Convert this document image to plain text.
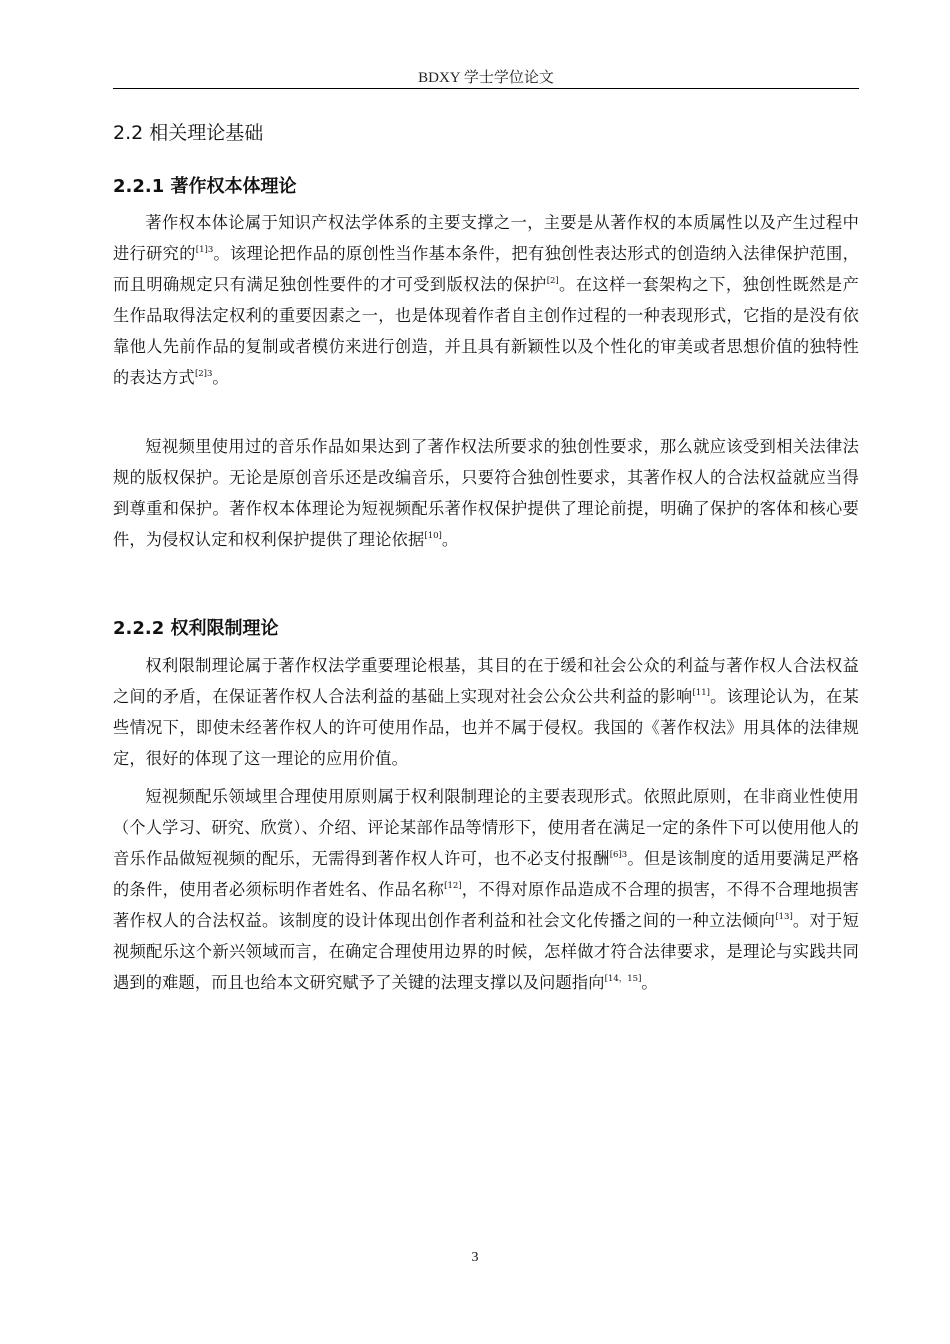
BDXY 学士学位论文
2.2 相关理论基础
2.2.1 著作权本体理论

著作权本体论属于知识产权法学体系的主要支撑之一，主要是从著作权的本质属性以及产生过程中进行研究的$^{[1]3}$。该理论把作品的原创性当作基本条件，把有独创性表达形式的创造纳入法律保护范围，而且明确规定只有满足独创性要件的才可受到版权法的保护[2]。在这样一套架构之下，独创性既然是产生作品取得法定权利的重要因素之一，也是体现着作者自主创作过程的一种表现形式，它指的是没有依靠他人先前作品的复制或者模仿来进行创造，并且具有新颖性以及个性化的审美或者思想价值的独特性的表达方式$^{[2]3}$。

短视频里使用过的音乐作品如果达到了著作权法所要求的独创性要求，那么就应该受到相关法律法规的版权保护。无论是原创音乐还是改编音乐，只要符合独创性要求，其著作权人的合法权益就应当得到尊重和保护。著作权本体理论为短视频配乐著作权保护提供了理论前提，明确了保护的客体和核心要件，为侵权认定和权利保护提供了理论依据[10]。

2.2.2 权利限制理论

权利限制理论属于著作权法学重要理论根基，其目的在于缓和社会公众的利益与著作权人合法权益之间的矛盾，在保证著作权人合法利益的基础上实现对社会公众公共利益的影响[11]。该理论认为，在某些情况下，即使未经著作权人的许可使用作品，也并不属于侵权。我国的《著作权法》用具体的法律规定，很好的体现了这一理论的应用价值。

短视频配乐领域里合理使用原则属于权利限制理论的主要表现形式。依照此原则，在非商业性使用（个人学习、研究、欣赏）、介绍、评论某部作品等情形下，使用者在满足一定的条件下可以使用他人的音乐作品做短视频的配乐，无需得到著作权人许可，也不必支付报酬$^{[6]3}$。但是该制度的适用要满足严格的条件，使用者必须标明作者姓名、作品名称[12]，不得对原作品造成不合理的损害，不得不合理地损害著作权人的合法权益。该制度的设计体现出创作者利益和社会文化传播之间的一种立法倾向[13]。对于短视频配乐这个新兴领域而言，在确定合理使用边界的时候，怎样做才符合法律要求，是理论与实践共同遇到的难题，而且也给本文研究赋予了关键的法理支撑以及问题指向[14，15]。

3
